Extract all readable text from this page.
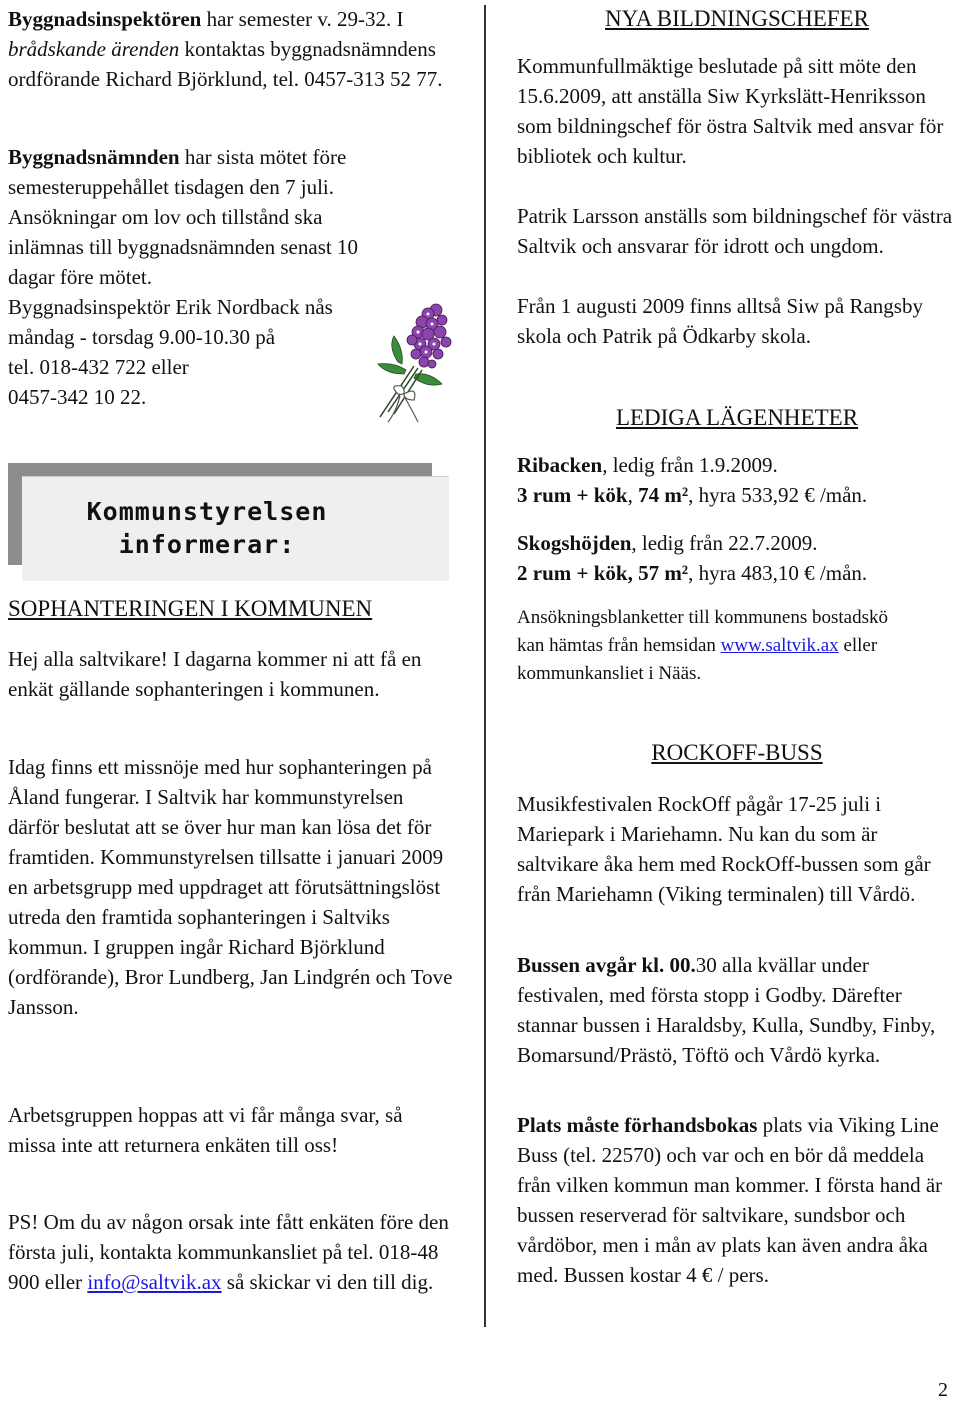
Byggnadsinspektören har semester v. 29-32. I brådskande ärenden kontaktas byggnadsnämndens ordförande Richard Björklund, tel. 0457-313 52 77.

Byggnadsnämnden har sista mötet före semesteruppehållet tisdagen den 7 juli.

Ansökningar om lov och tillstånd ska
inlämnas till byggnadsnämnden senast 10
dagar före mötet.
Byggnadsinspektör Erik Nordback nås
måndag - torsdag 9.00-10.30 på
tel. 018-432 722 eller
0457-342 10 22.

Kommunstyrelsen
informerar:

SOPHANTERINGEN I KOMMUNEN

Hej alla saltvikare! I dagarna kommer ni att få en enkät gällande sophanteringen i kommunen.

Idag finns ett missnöje med hur sophanteringen på Åland fungerar. I Saltvik har kommunstyrelsen därför beslutat att se över hur man kan lösa det för framtiden. Kommunstyrelsen tillsatte i januari 2009 en arbetsgrupp med uppdraget att förutsättningslöst utreda den framtida sophanteringen i Saltviks kommun. I gruppen ingår Richard Björklund (ordförande), Bror Lundberg, Jan Lindgrén och Tove Jansson.

Arbetsgruppen hoppas att vi får många svar, så missa inte att returnera enkäten till oss!

PS! Om du av någon orsak inte fått enkäten före den första juli, kontakta kommunkansliet på tel. 018-48 900 eller info@saltvik.ax så skickar vi den till dig.

NYA BILDNINGSCHEFER

Kommunfullmäktige beslutade på sitt möte den 15.6.2009, att anställa Siw Kyrkslätt-Henriksson som bildningschef för östra Saltvik med ansvar för bibliotek och kultur.

Patrik Larsson anställs som bildningschef för västra Saltvik och ansvarar för idrott och ungdom.

Från 1 augusti 2009 finns alltså Siw på Rangsby skola och Patrik på Ödkarby skola.

LEDIGA LÄGENHETER

Ribacken, ledig från 1.9.2009.
3 rum + kök, 74 m², hyra 533,92 € /mån.

Skogshöjden, ledig från 22.7.2009.
2 rum + kök, 57 m², hyra 483,10 € /mån.

Ansökningsblanketter till kommunens bostadskö kan hämtas från hemsidan www.saltvik.ax eller kommunkansliet i Nääs.

ROCKOFF-BUSS

Musikfestivalen RockOff pågår 17-25 juli i Mariepark i Mariehamn. Nu kan du som är saltvikare åka hem med RockOff-bussen som går från Mariehamn (Viking terminalen) till Vårdö.

Bussen avgår kl. 00.30 alla kvällar under festivalen, med första stopp i Godby. Därefter stannar bussen i Haraldsby, Kulla, Sundby, Finby, Bomarsund/Prästö, Töftö och Vårdö kyrka.

Plats måste förhandsbokas plats via Viking Line Buss (tel. 22570) och var och en bör då meddela från vilken kommun man kommer. I första hand är bussen reserverad för saltvikare, sundsbor och vårdöbor, men i mån av plats kan även andra åka med. Bussen kostar 4 € / pers.

2
